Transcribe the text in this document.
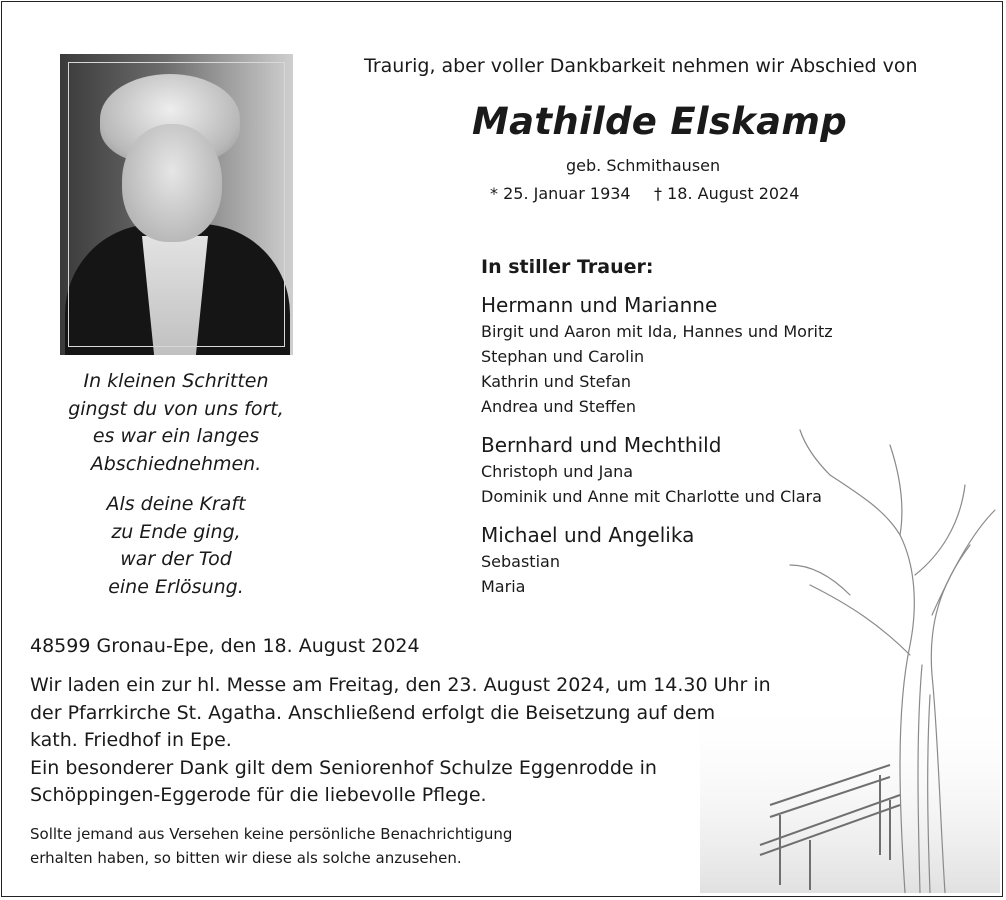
In kleinen Schritten
gingst du von uns fort,
es war ein langes
Abschiednehmen.
Als deine Kraft
zu Ende ging,
war der Tod
eine Erlösung.
Traurig, aber voller Dankbarkeit nehmen wir Abschied von
Mathilde Elskamp
geb. Schmithausen
* 25. Januar 1934 † 18. August 2024
In stiller Trauer:
Hermann und Marianne
Birgit und Aaron mit Ida, Hannes und Moritz
Stephan und Carolin
Kathrin und Stefan
Andrea und Steffen
Bernhard und Mechthild
Christoph und Jana
Dominik und Anne mit Charlotte und Clara
Michael und Angelika
Sebastian
Maria
48599 Gronau-Epe, den 18. August 2024
Wir laden ein zur hl. Messe am Freitag, den 23. August 2024, um 14.30 Uhr in
der Pfarrkirche St. Agatha. Anschließend erfolgt die Beisetzung auf dem
kath. Friedhof in Epe.
Ein besonderer Dank gilt dem Seniorenhof Schulze Eggenrodde in
Schöppingen-Eggerode für die liebevolle Pflege.
Sollte jemand aus Versehen keine persönliche Benachrichtigung
erhalten haben, so bitten wir diese als solche anzusehen.
